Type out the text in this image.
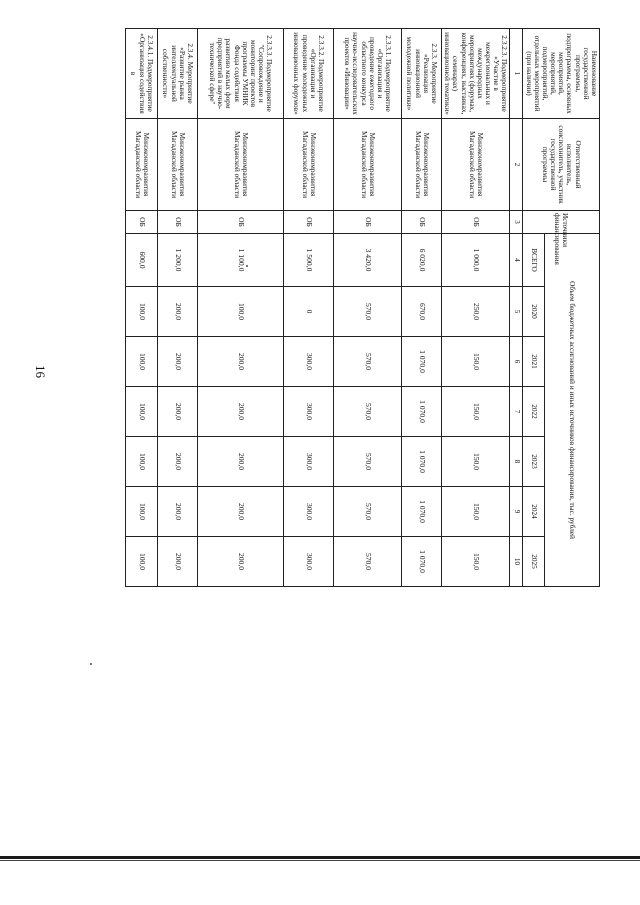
16
Наименование государственной программы, подпрограммы, основных мероприятий, мероприятий, подмероприятий, отдельных мероприятий (при наличии)	Ответственный исполнитель, соисполнитель, участник государственной программы	Источники финансирования	Объем бюджетных ассигнований и иных источников финансирования, тыс. рублей						
			ВСЕГО	2020	2021	2022	2023	2024	2025
1	2	3	4	5	6	7	8	9	10
2.3.2.3. Подмероприятие «Участие в межрегиональных и международных мероприятиях (форумах, конференциях, выставках, семинарах) инновационной тематики»	Минэкономразвития Магаданской области	ОБ	1 000,0	250,0	150,0	150,0	150,0	150,0	150,0
2.3.3. Мероприятие «Реализация инновационной молодежной политики»	Минэкономразвития Магаданской области	ОБ	6 020,0	670,0	1 070,0	1 070,0	1 070,0	1 070,0	1 070,0
2.3.3.1. Подмероприятие «Организация и проведение ежегодного областного конкурса научно-исследовательских проектов «Инновации»	Минэкономразвития Магаданской области	ОБ	3 420,0	570,0	570,0	570,0	570,0	570,0	570,0
2.3.3.2. Подмероприятие «Организация и проведение молодежных инновационных форумов»	Минэкономразвития Магаданской области	ОБ	1 500,0	0	300,0	300,0	300,0	300,0	300,0
2.3.3.3. Подмероприятие "Сопровождение и мониторинг проектов программы УМНИК Фонда содействия развитию малых форм предприятий в научно-технической сфере"	Минэкономразвития Магаданской области	ОБ	1 100,0	100,0	200,0	200,0	200,0	200,0	200,0
2.3.4. Мероприятие «Развитие рынка интеллектуальной собственности»	Минэкономразвития Магаданской области	ОБ	1 200,0	200,0	200,0	200,0	200,0	200,0	200,0
2.3.4.1. Подмероприятие «Организация содействия в	Минэкономразвития Магаданской области	ОБ	600,0	100,0	100,0	100,0	100,0	100,0	100,0
